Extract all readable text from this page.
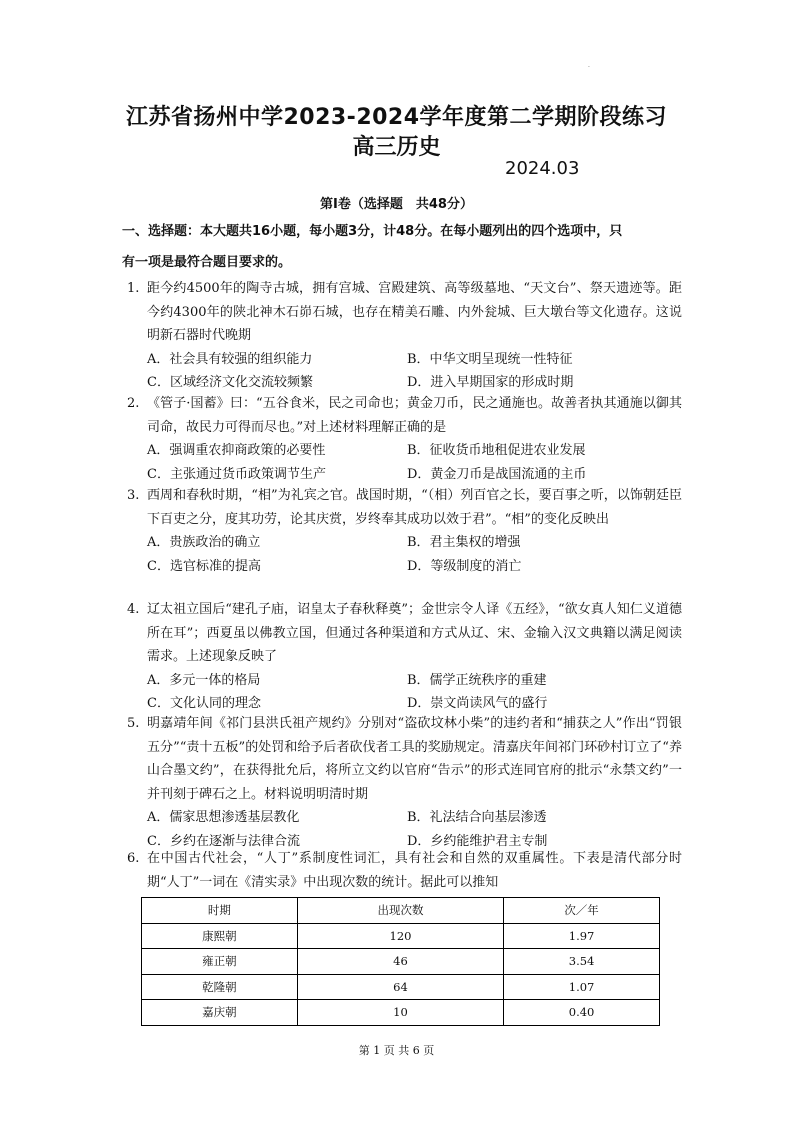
·
江苏省扬州中学2023-2024学年度第二学期阶段练习
高三历史
2024.03
第Ⅰ卷（选择题　共48分）
一、选择题：本大题共16小题，每小题3分，计48分。在每小题列出的四个选项中，只
有一项是最符合题目要求的。
1. 距今约4500年的陶寺古城，拥有宫城、宫殿建筑、高等级墓地、“天文台”、祭天遗迹等。距今约4300年的陕北神木石峁石城，也存在精美石雕、内外瓮城、巨大墩台等文化遗存。这说明新石器时代晚期
A．社会具有较强的组织能力	B．中华文明呈现统一性特征
C．区域经济文化交流较频繁	D．进入早期国家的形成时期
2. 《管子·国蓄》曰：“五谷食米，民之司命也；黄金刀币，民之通施也。故善者执其通施以御其司命，故民力可得而尽也。”对上述材料理解正确的是
A．强调重农抑商政策的必要性	B．征收货币地租促进农业发展
C．主张通过货币政策调节生产	D．黄金刀币是战国流通的主币
3. 西周和春秋时期，“相”为礼宾之官。战国时期，“（相）列百官之长，要百事之听，以饰朝廷臣下百吏之分，度其功劳，论其庆赏，岁终奉其成功以效于君”。“相”的变化反映出
A．贵族政治的确立	B．君主集权的增强
C．选官标准的提高	D．等级制度的消亡
4. 辽太祖立国后“建孔子庙，诏皇太子春秋释奠”；金世宗令人译《五经》，“欲女真人知仁义道德所在耳”；西夏虽以佛教立国，但通过各种渠道和方式从辽、宋、金输入汉文典籍以满足阅读需求。上述现象反映了
A．多元一体的格局	B．儒学正统秩序的重建
C．文化认同的理念	D．崇文尚读风气的盛行
5. 明嘉靖年间《祁门县洪氏祖产规约》分别对“盗砍坟林小柴”的违约者和“捕获之人”作出“罚银五分”“责十五板”的处罚和给予后者砍伐者工具的奖励规定。清嘉庆年间祁门环砂村订立了“养山合墨文约”，在获得批允后，将所立文约以官府“告示”的形式连同官府的批示“永禁文约”一并刊刻于碑石之上。材料说明明清时期
A．儒家思想渗透基层教化	B．礼法结合向基层渗透
C．乡约在逐渐与法律合流	D．乡约能维护君主专制
6. 在中国古代社会，“人丁”系制度性词汇，具有社会和自然的双重属性。下表是清代部分时期“人丁”一词在《清实录》中出现次数的统计。据此可以推知
时期	出现次数	次／年
康熙朝	120	1.97
雍正朝	46	3.54
乾隆朝	64	1.07
嘉庆朝	10	0.40
第 1 页 共 6 页
